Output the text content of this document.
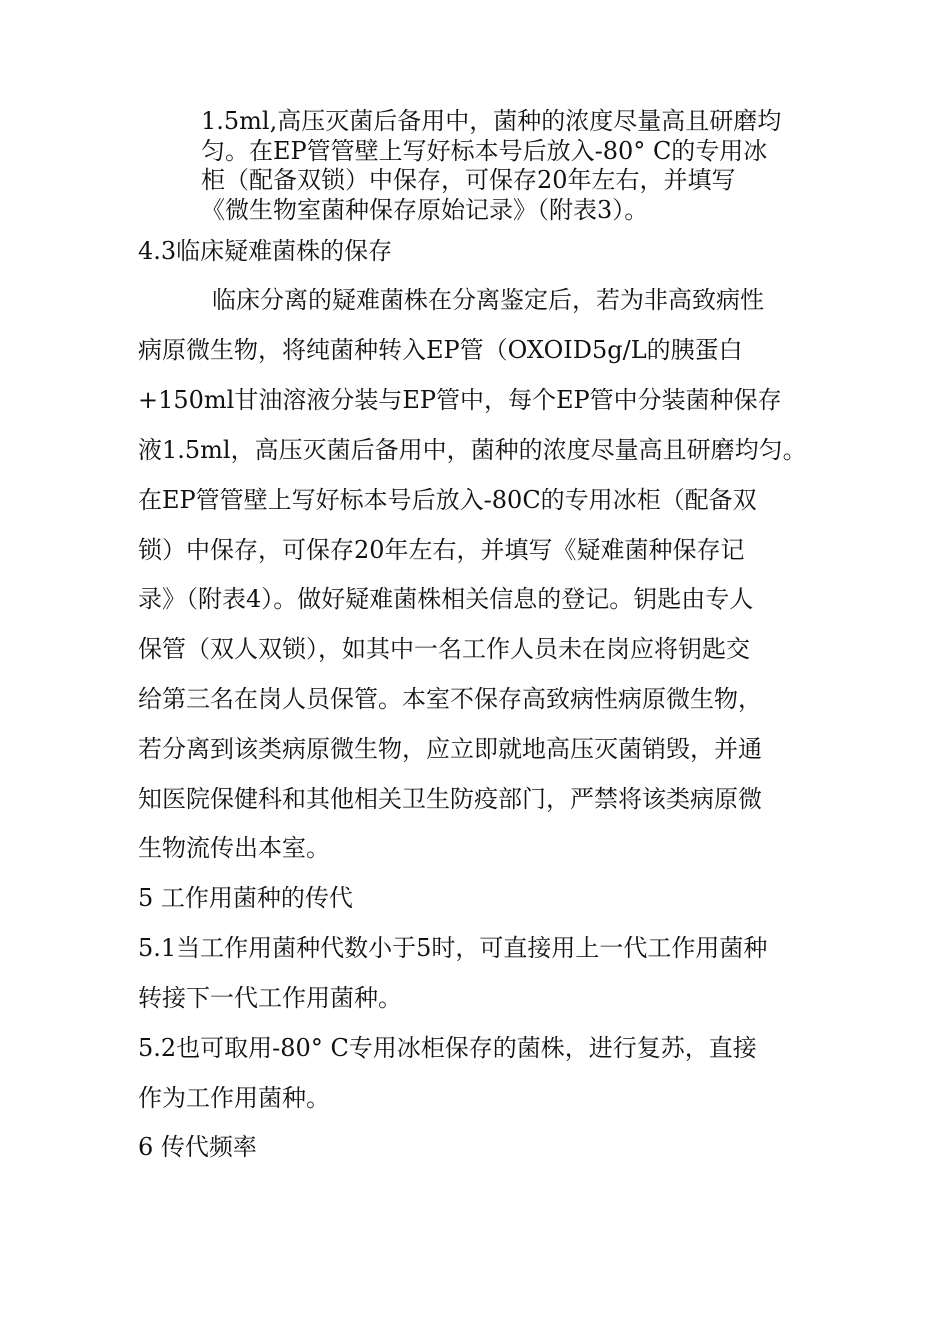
1.5ml,高压灭菌后备用中，菌种的浓度尽量高且研磨均
匀。在EP管管壁上写好标本号后放入-80° C的专用冰
柜（配备双锁）中保存，可保存20年左右，并填写
《微生物室菌种保存原始记录》（附表3）。
4.3临床疑难菌株的保存
临床分离的疑难菌株在分离鉴定后，若为非高致病性
病原微生物，将纯菌种转入EP管（OXOID5g/L的胰蛋白
+150ml甘油溶液分装与EP管中，每个EP管中分装菌种保存
液1.5ml，高压灭菌后备用中，菌种的浓度尽量高且研磨均匀。
在EP管管壁上写好标本号后放入-80C的专用冰柜（配备双
锁）中保存，可保存20年左右，并填写《疑难菌种保存记
录》（附表4）。做好疑难菌株相关信息的登记。钥匙由专人
保管（双人双锁），如其中一名工作人员未在岗应将钥匙交
给第三名在岗人员保管。本室不保存高致病性病原微生物，
若分离到该类病原微生物，应立即就地高压灭菌销毁，并通
知医院保健科和其他相关卫生防疫部门，严禁将该类病原微
生物流传出本室。
5 工作用菌种的传代
5.1当工作用菌种代数小于5时，可直接用上一代工作用菌种
转接下一代工作用菌种。
5.2也可取用-80° C专用冰柜保存的菌株，进行复苏，直接
作为工作用菌种。
6 传代频率
